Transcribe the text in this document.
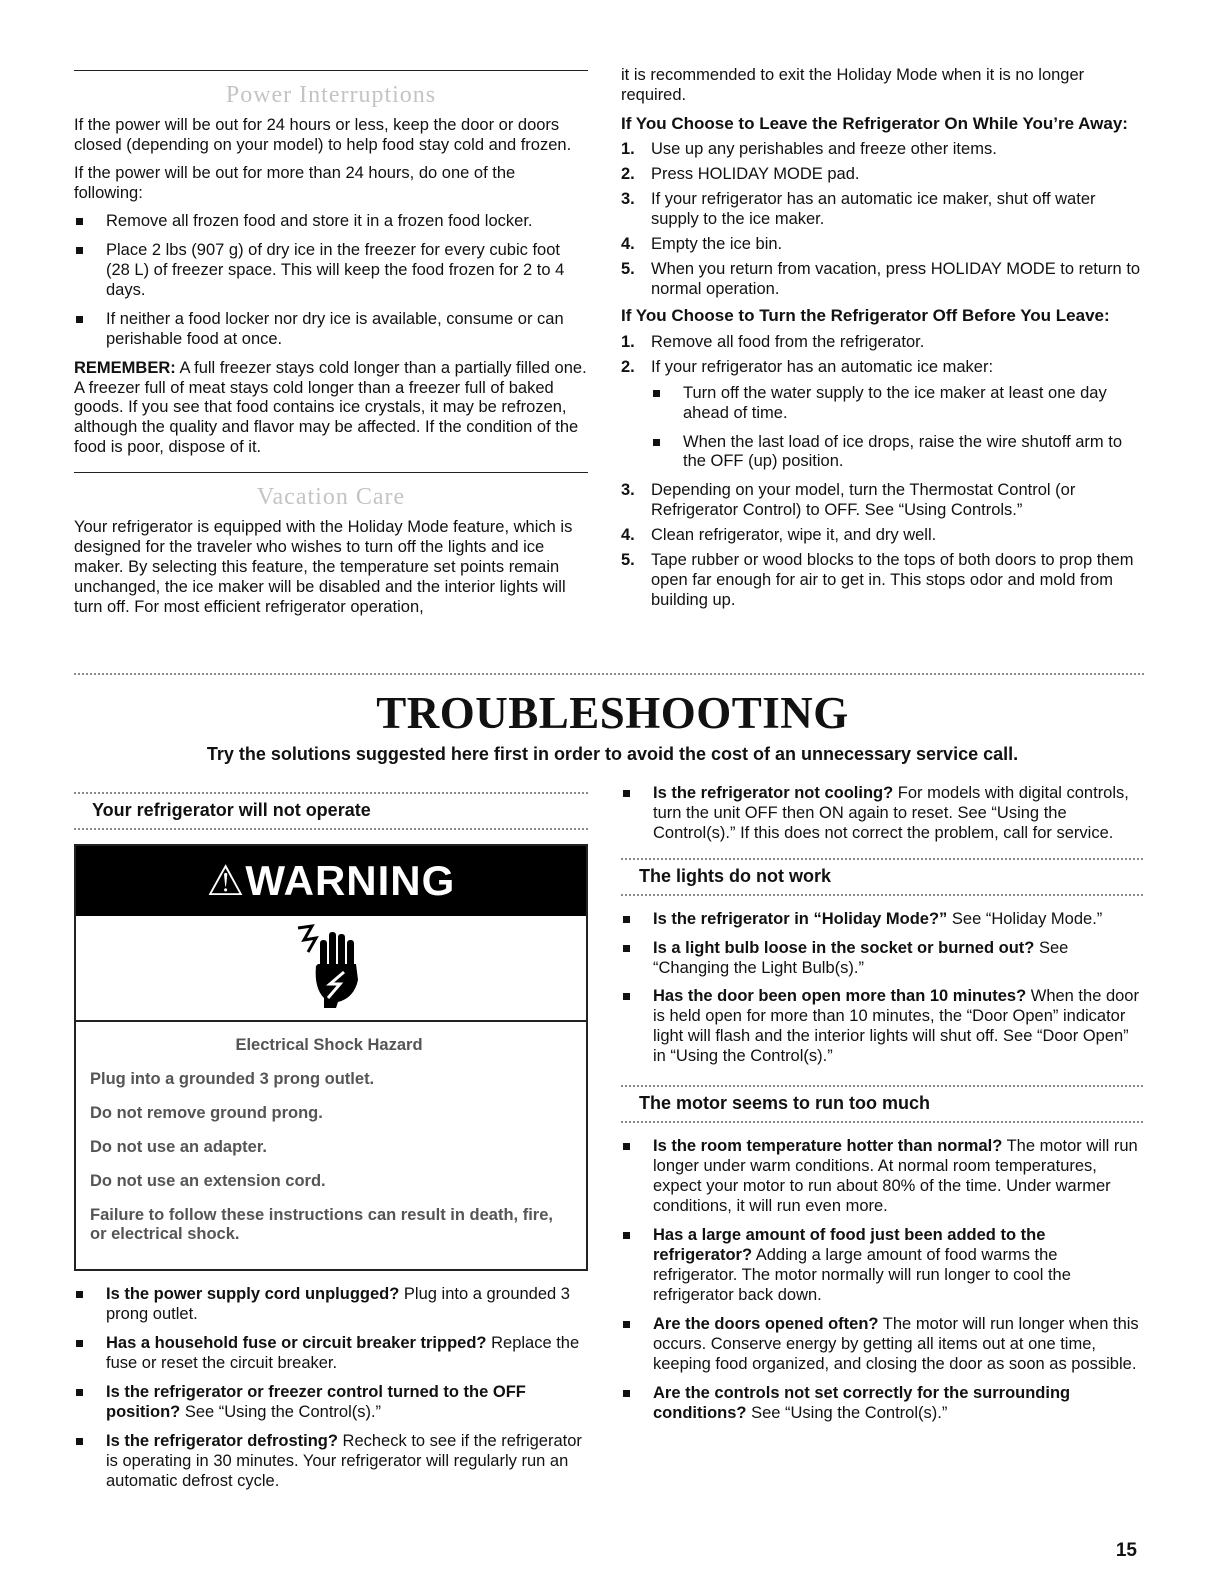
Power Interruptions

If the power will be out for 24 hours or less, keep the door or doors closed (depending on your model) to help food stay cold and frozen.

If the power will be out for more than 24 hours, do one of the following:

Remove all frozen food and store it in a frozen food locker.
Place 2 lbs (907 g) of dry ice in the freezer for every cubic foot (28 L) of freezer space. This will keep the food frozen for 2 to 4 days.
If neither a food locker nor dry ice is available, consume or can perishable food at once.

REMEMBER: A full freezer stays cold longer than a partially filled one. A freezer full of meat stays cold longer than a freezer full of baked goods. If you see that food contains ice crystals, it may be refrozen, although the quality and flavor may be affected. If the condition of the food is poor, dispose of it.

Vacation Care

Your refrigerator is equipped with the Holiday Mode feature, which is designed for the traveler who wishes to turn off the lights and ice maker. By selecting this feature, the temperature set points remain unchanged, the ice maker will be disabled and the interior lights will turn off. For most efficient refrigerator operation,

it is recommended to exit the Holiday Mode when it is no longer required.

If You Choose to Leave the Refrigerator On While You’re Away:
1. Use up any perishables and freeze other items.
2. Press HOLIDAY MODE pad.
3. If your refrigerator has an automatic ice maker, shut off water supply to the ice maker.
4. Empty the ice bin.
5. When you return from vacation, press HOLIDAY MODE to return to normal operation.
If You Choose to Turn the Refrigerator Off Before You Leave:
1. Remove all food from the refrigerator.
2. If your refrigerator has an automatic ice maker:
Turn off the water supply to the ice maker at least one day ahead of time.
When the last load of ice drops, raise the wire shutoff arm to the OFF (up) position.
3. Depending on your model, turn the Thermostat Control (or Refrigerator Control) to OFF. See “Using Controls.”
4. Clean refrigerator, wipe it, and dry well.
5. Tape rubber or wood blocks to the tops of both doors to prop them open far enough for air to get in. This stops odor and mold from building up.
TROUBLESHOOTING
Try the solutions suggested here first in order to avoid the cost of an unnecessary service call.
Your refrigerator will not operate
⚠WARNING

Electrical Shock Hazard

Plug into a grounded 3 prong outlet.

Do not remove ground prong.

Do not use an adapter.

Do not use an extension cord.

Failure to follow these instructions can result in death, fire, or electrical shock.

Is the power supply cord unplugged? Plug into a grounded 3 prong outlet.
Has a household fuse or circuit breaker tripped? Replace the fuse or reset the circuit breaker.
Is the refrigerator or freezer control turned to the OFF position? See “Using the Control(s).”
Is the refrigerator defrosting? Recheck to see if the refrigerator is operating in 30 minutes. Your refrigerator will regularly run an automatic defrost cycle.
Is the refrigerator not cooling? For models with digital controls, turn the unit OFF then ON again to reset. See “Using the Control(s).” If this does not correct the problem, call for service.
The lights do not work
Is the refrigerator in “Holiday Mode?” See “Holiday Mode.”
Is a light bulb loose in the socket or burned out? See “Changing the Light Bulb(s).”
Has the door been open more than 10 minutes? When the door is held open for more than 10 minutes, the “Door Open” indicator light will flash and the interior lights will shut off. See “Door Open” in “Using the Control(s).”
The motor seems to run too much
Is the room temperature hotter than normal? The motor will run longer under warm conditions. At normal room temperatures, expect your motor to run about 80% of the time. Under warmer conditions, it will run even more.
Has a large amount of food just been added to the refrigerator? Adding a large amount of food warms the refrigerator. The motor normally will run longer to cool the refrigerator back down.
Are the doors opened often? The motor will run longer when this occurs. Conserve energy by getting all items out at one time, keeping food organized, and closing the door as soon as possible.
Are the controls not set correctly for the surrounding conditions? See “Using the Control(s).”
15
